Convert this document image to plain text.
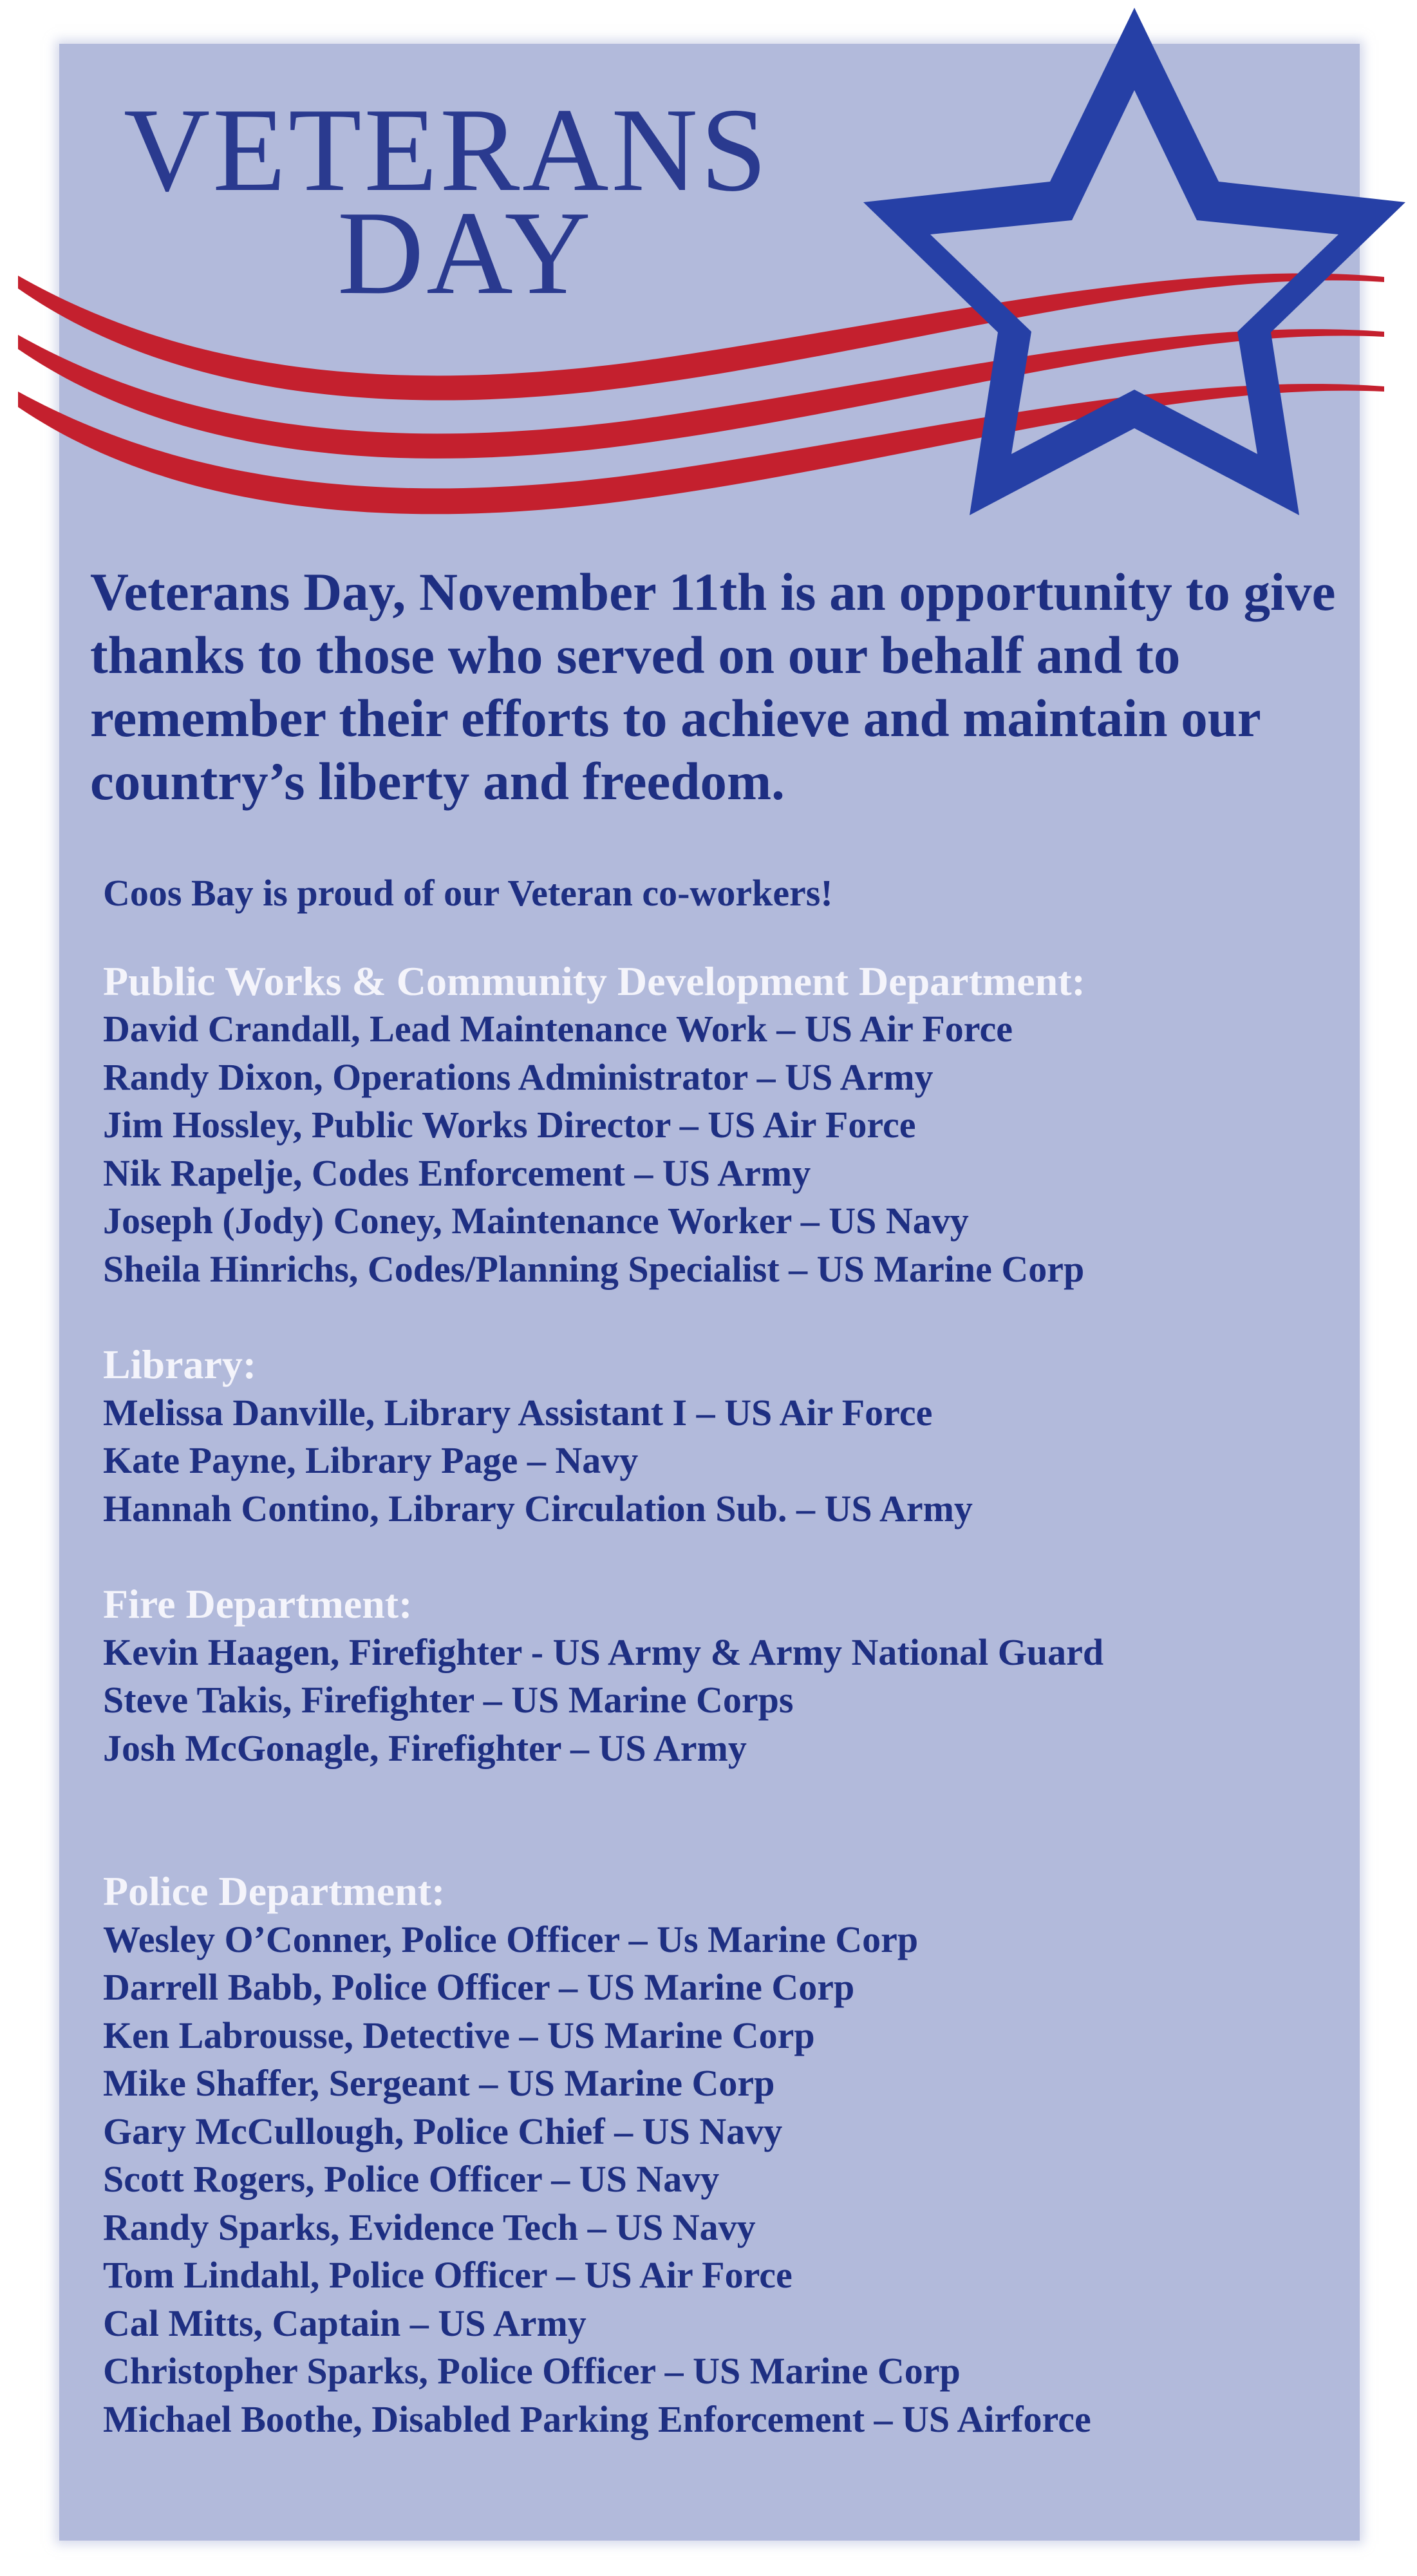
VETERANS
DAY
Veterans Day, November 11th is an opportunity to give thanks to those who served on our behalf and to remember their efforts to achieve and maintain our country’s liberty and freedom.
Coos Bay is proud of our Veteran co-workers!
Public Works & Community Development Department:
David Crandall, Lead Maintenance Work – US Air Force
Randy Dixon, Operations Administrator – US Army
Jim Hossley, Public Works Director – US Air Force
Nik Rapelje, Codes Enforcement – US Army
Joseph (Jody) Coney, Maintenance Worker – US Navy
Sheila Hinrichs, Codes/Planning Specialist – US Marine Corp
Library:
Melissa Danville, Library Assistant I – US Air Force
Kate Payne, Library Page – Navy
Hannah Contino, Library Circulation Sub. – US Army
Fire Department:
Kevin Haagen, Firefighter - US Army & Army National Guard
Steve Takis, Firefighter – US Marine Corps
Josh McGonagle, Firefighter – US Army
Police Department:
Wesley O’Conner, Police Officer – Us Marine Corp
Darrell Babb, Police Officer – US Marine Corp
Ken Labrousse, Detective – US Marine Corp
Mike Shaffer, Sergeant – US Marine Corp
Gary McCullough, Police Chief – US Navy
Scott Rogers, Police Officer – US Navy
Randy Sparks, Evidence Tech – US Navy
Tom Lindahl, Police Officer – US Air Force
Cal Mitts, Captain – US Army
Christopher Sparks, Police Officer – US Marine Corp
Michael Boothe, Disabled Parking Enforcement – US Airforce
